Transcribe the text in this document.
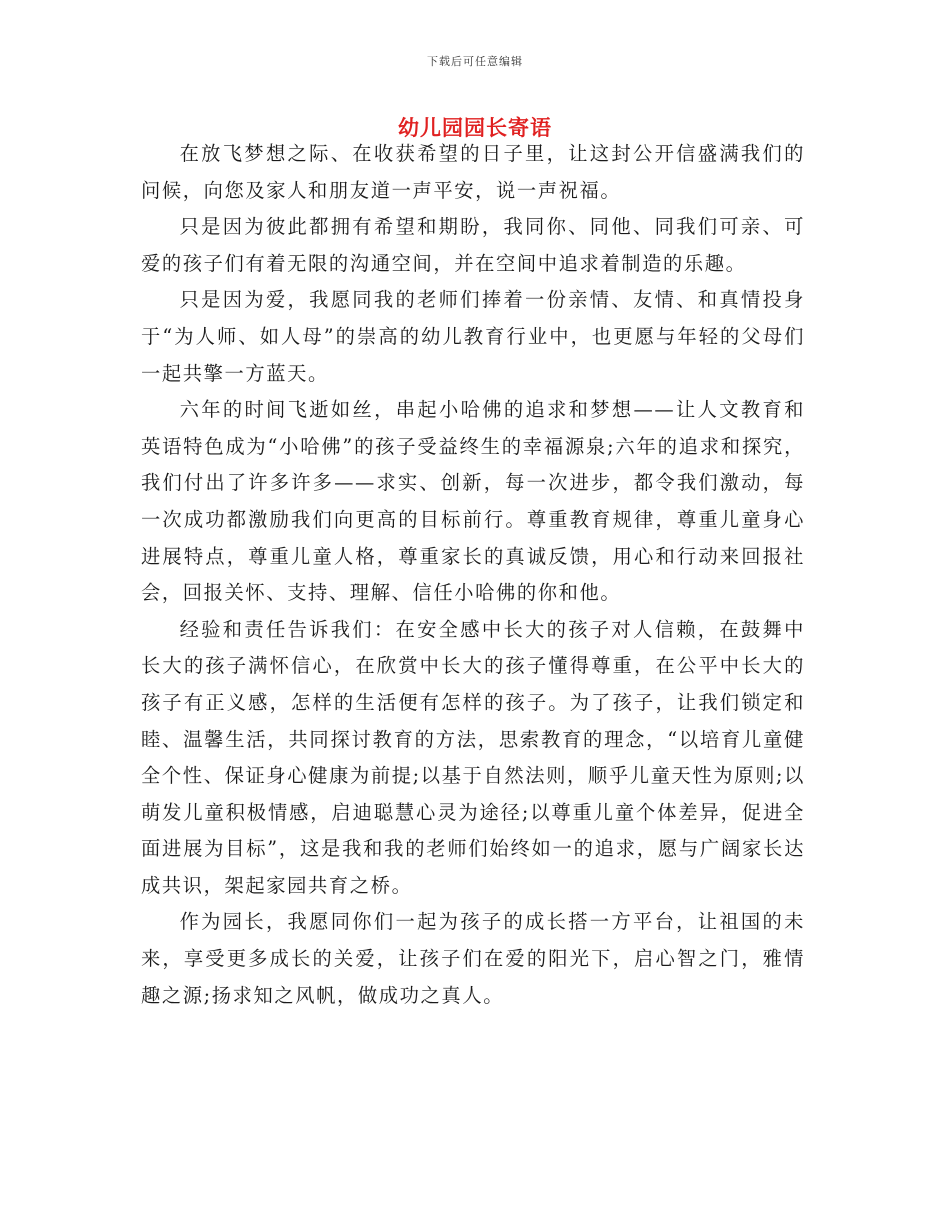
下载后可任意编辑
幼儿园园长寄语

在放飞梦想之际、在收获希望的日子里，让这封公开信盛满我们的问候，向您及家人和朋友道一声平安，说一声祝福。

只是因为彼此都拥有希望和期盼，我同你、同他、同我们可亲、可爱的孩子们有着无限的沟通空间，并在空间中追求着制造的乐趣。

只是因为爱，我愿同我的老师们捧着一份亲情、友情、和真情投身于“为人师、如人母”的崇高的幼儿教育行业中，也更愿与年轻的父母们一起共擎一方蓝天。

六年的时间飞逝如丝，串起小哈佛的追求和梦想——让人文教育和英语特色成为“小哈佛”的孩子受益终生的幸福源泉;六年的追求和探究，我们付出了许多许多——求实、创新，每一次进步，都令我们激动，每一次成功都激励我们向更高的目标前行。尊重教育规律，尊重儿童身心进展特点，尊重儿童人格，尊重家长的真诚反馈，用心和行动来回报社会，回报关怀、支持、理解、信任小哈佛的你和他。

经验和责任告诉我们：在安全感中长大的孩子对人信赖，在鼓舞中长大的孩子满怀信心，在欣赏中长大的孩子懂得尊重，在公平中长大的孩子有正义感，怎样的生活便有怎样的孩子。为了孩子，让我们锁定和睦、温馨生活，共同探讨教育的方法，思索教育的理念，“以培育儿童健全个性、保证身心健康为前提;以基于自然法则，顺乎儿童天性为原则;以萌发儿童积极情感，启迪聪慧心灵为途径;以尊重儿童个体差异，促进全面进展为目标”，这是我和我的老师们始终如一的追求，愿与广阔家长达成共识，架起家园共育之桥。

作为园长，我愿同你们一起为孩子的成长搭一方平台，让祖国的未来，享受更多成长的关爱，让孩子们在爱的阳光下，启心智之门，雅情趣之源;扬求知之风帆，做成功之真人。
